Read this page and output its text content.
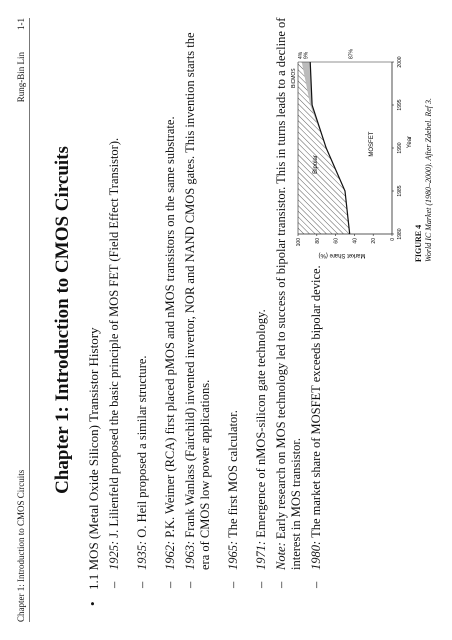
Chapter 1: Introduction to CMOS Circuits
Rung-Bin Lin1-1
Chapter 1: Introduction to CMOS Circuits
•
1.1 MOS (Metal Oxide Silicon) Transistor History –
1925: J. Lilienfeld proposed the basic principle of MOS FET (Field Effect Transistor).
–
1935: O. Heil proposed a similar structure.
–
1962: P.K. Weimer (RCA) first placed pMOS and nMOS transistors on the same substrate.
–
1963: Frank Wanlass (Fairchild) invented invertor, NOR and NAND CMOS gates. This invention starts the era of CMOS low power applications.
–
1965: The first MOS calculator.
–
1971: Emergence of nMOS-silicon gate technology.
–
Note: Early research on MOS technology led to success of bipolar transistor. This in turns leads to a decline of interest in MOS transistor.
–
1980: The market share of MOSFET exceeds bipolar device.
Market Share (%)
Year
0
20
40
60
80
100
1980
1985
1990
1995
2000
Bipolar
MOSFET
BiCMOS
4% 9%	87%
FIGURE 4 World IC Market (1980–2000). After Zdebel. Ref 3.
